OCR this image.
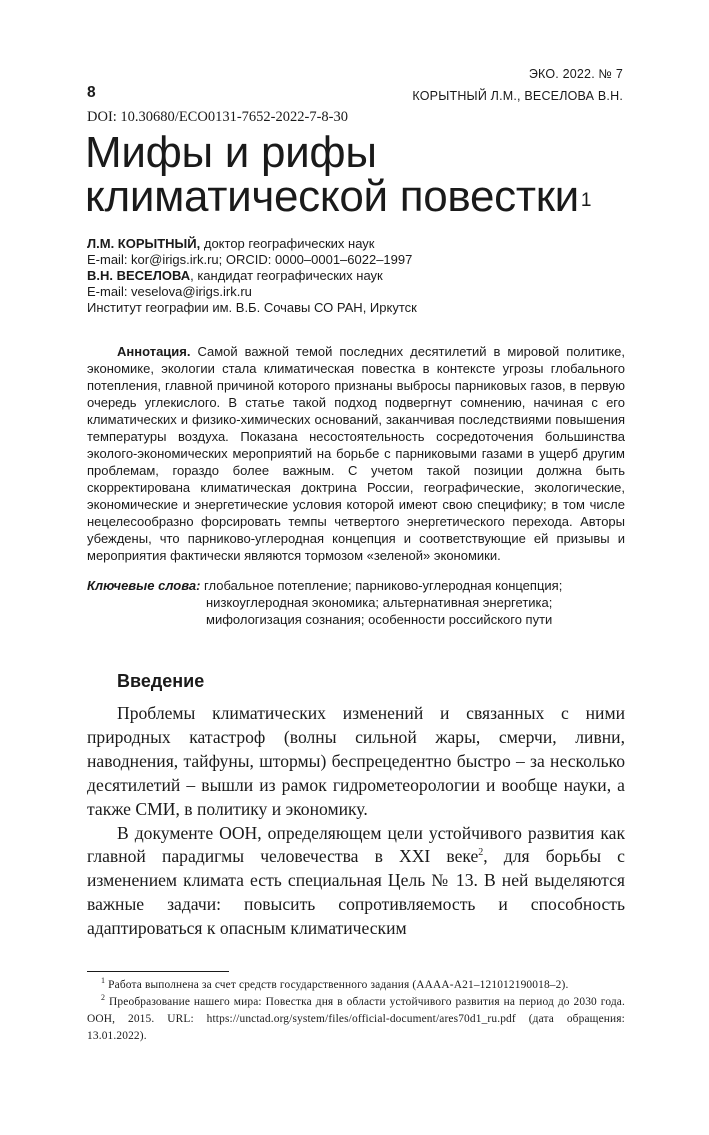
ЭКО. 2022. № 7
8	КОРЫТНЫЙ Л.М., ВЕСЕЛОВА В.Н.
DOI: 10.30680/ЕСО0131-7652-2022-7-8-30
Мифы и рифы
климатической повестки $^1$
Л.М. КОРЫТНЫЙ, доктор географических наук
E-mail: kor@irigs.irk.ru; ORCID: 0000–0001–6022–1997
В.Н. ВЕСЕЛОВА, кандидат географических наук
E-mail: veselova@irigs.irk.ru
Институт географии им. В.Б. Сочавы СО РАН, Иркутск

Аннотация. Самой важной темой последних десятилетий в мировой политике, экономике, экологии стала климатическая повестка в контексте угрозы глобального потепления, главной причиной которого признаны выбросы парниковых газов, в первую очередь углекислого. В статье такой подход подвергнут сомнению, начиная с его климатических и физико-химических оснований, заканчивая последствиями повышения температуры воздуха. Показана несостоятельность сосредоточения большинства эколого-экономических мероприятий на борьбе с парниковыми газами в ущерб другим проблемам, гораздо более важным. С учетом такой позиции должна быть скорректирована климатическая доктрина России, географические, экологические, экономические и энергетические условия которой имеют свою специфику; в том числе нецелесообразно форсировать темпы четвертого энергетического перехода. Авторы убеждены, что парниково-углеродная концепция и соответствующие ей призывы и мероприятия фактически являются тормозом «зеленой» экономики.

Ключевые слова: глобальное потепление; парниково-углеродная концепция;
низкоуглеродная экономика; альтернативная энергетика;
мифологизация сознания; особенности российского пути
Введение

Проблемы климатических изменений и связанных с ними природных катастроф (волны сильной жары, смерчи, ливни, наводнения, тайфуны, штормы) беспрецедентно быстро – за несколько десятилетий – вышли из рамок гидрометеорологии и вообще науки, а также СМИ, в политику и экономику.

В документе ООН, определяющем цели устойчивого развития как главной парадигмы человечества в XXI веке$^2$, для борьбы с изменением климата есть специальная Цель № 13. В ней выделяются важные задачи: повысить сопротивляемость и способность адаптироваться к опасным климатическим

$^1$ Работа выполнена за счет средств государственного задания (АААА-А21–121012190018–2).

$^2$ Преобразование нашего мира: Повестка дня в области устойчивого развития на период до 2030 года. ООН, 2015. URL: https://unctad.org/system/files/official-document/ares70d1_ru.pdf (дата обращения: 13.01.2022).
